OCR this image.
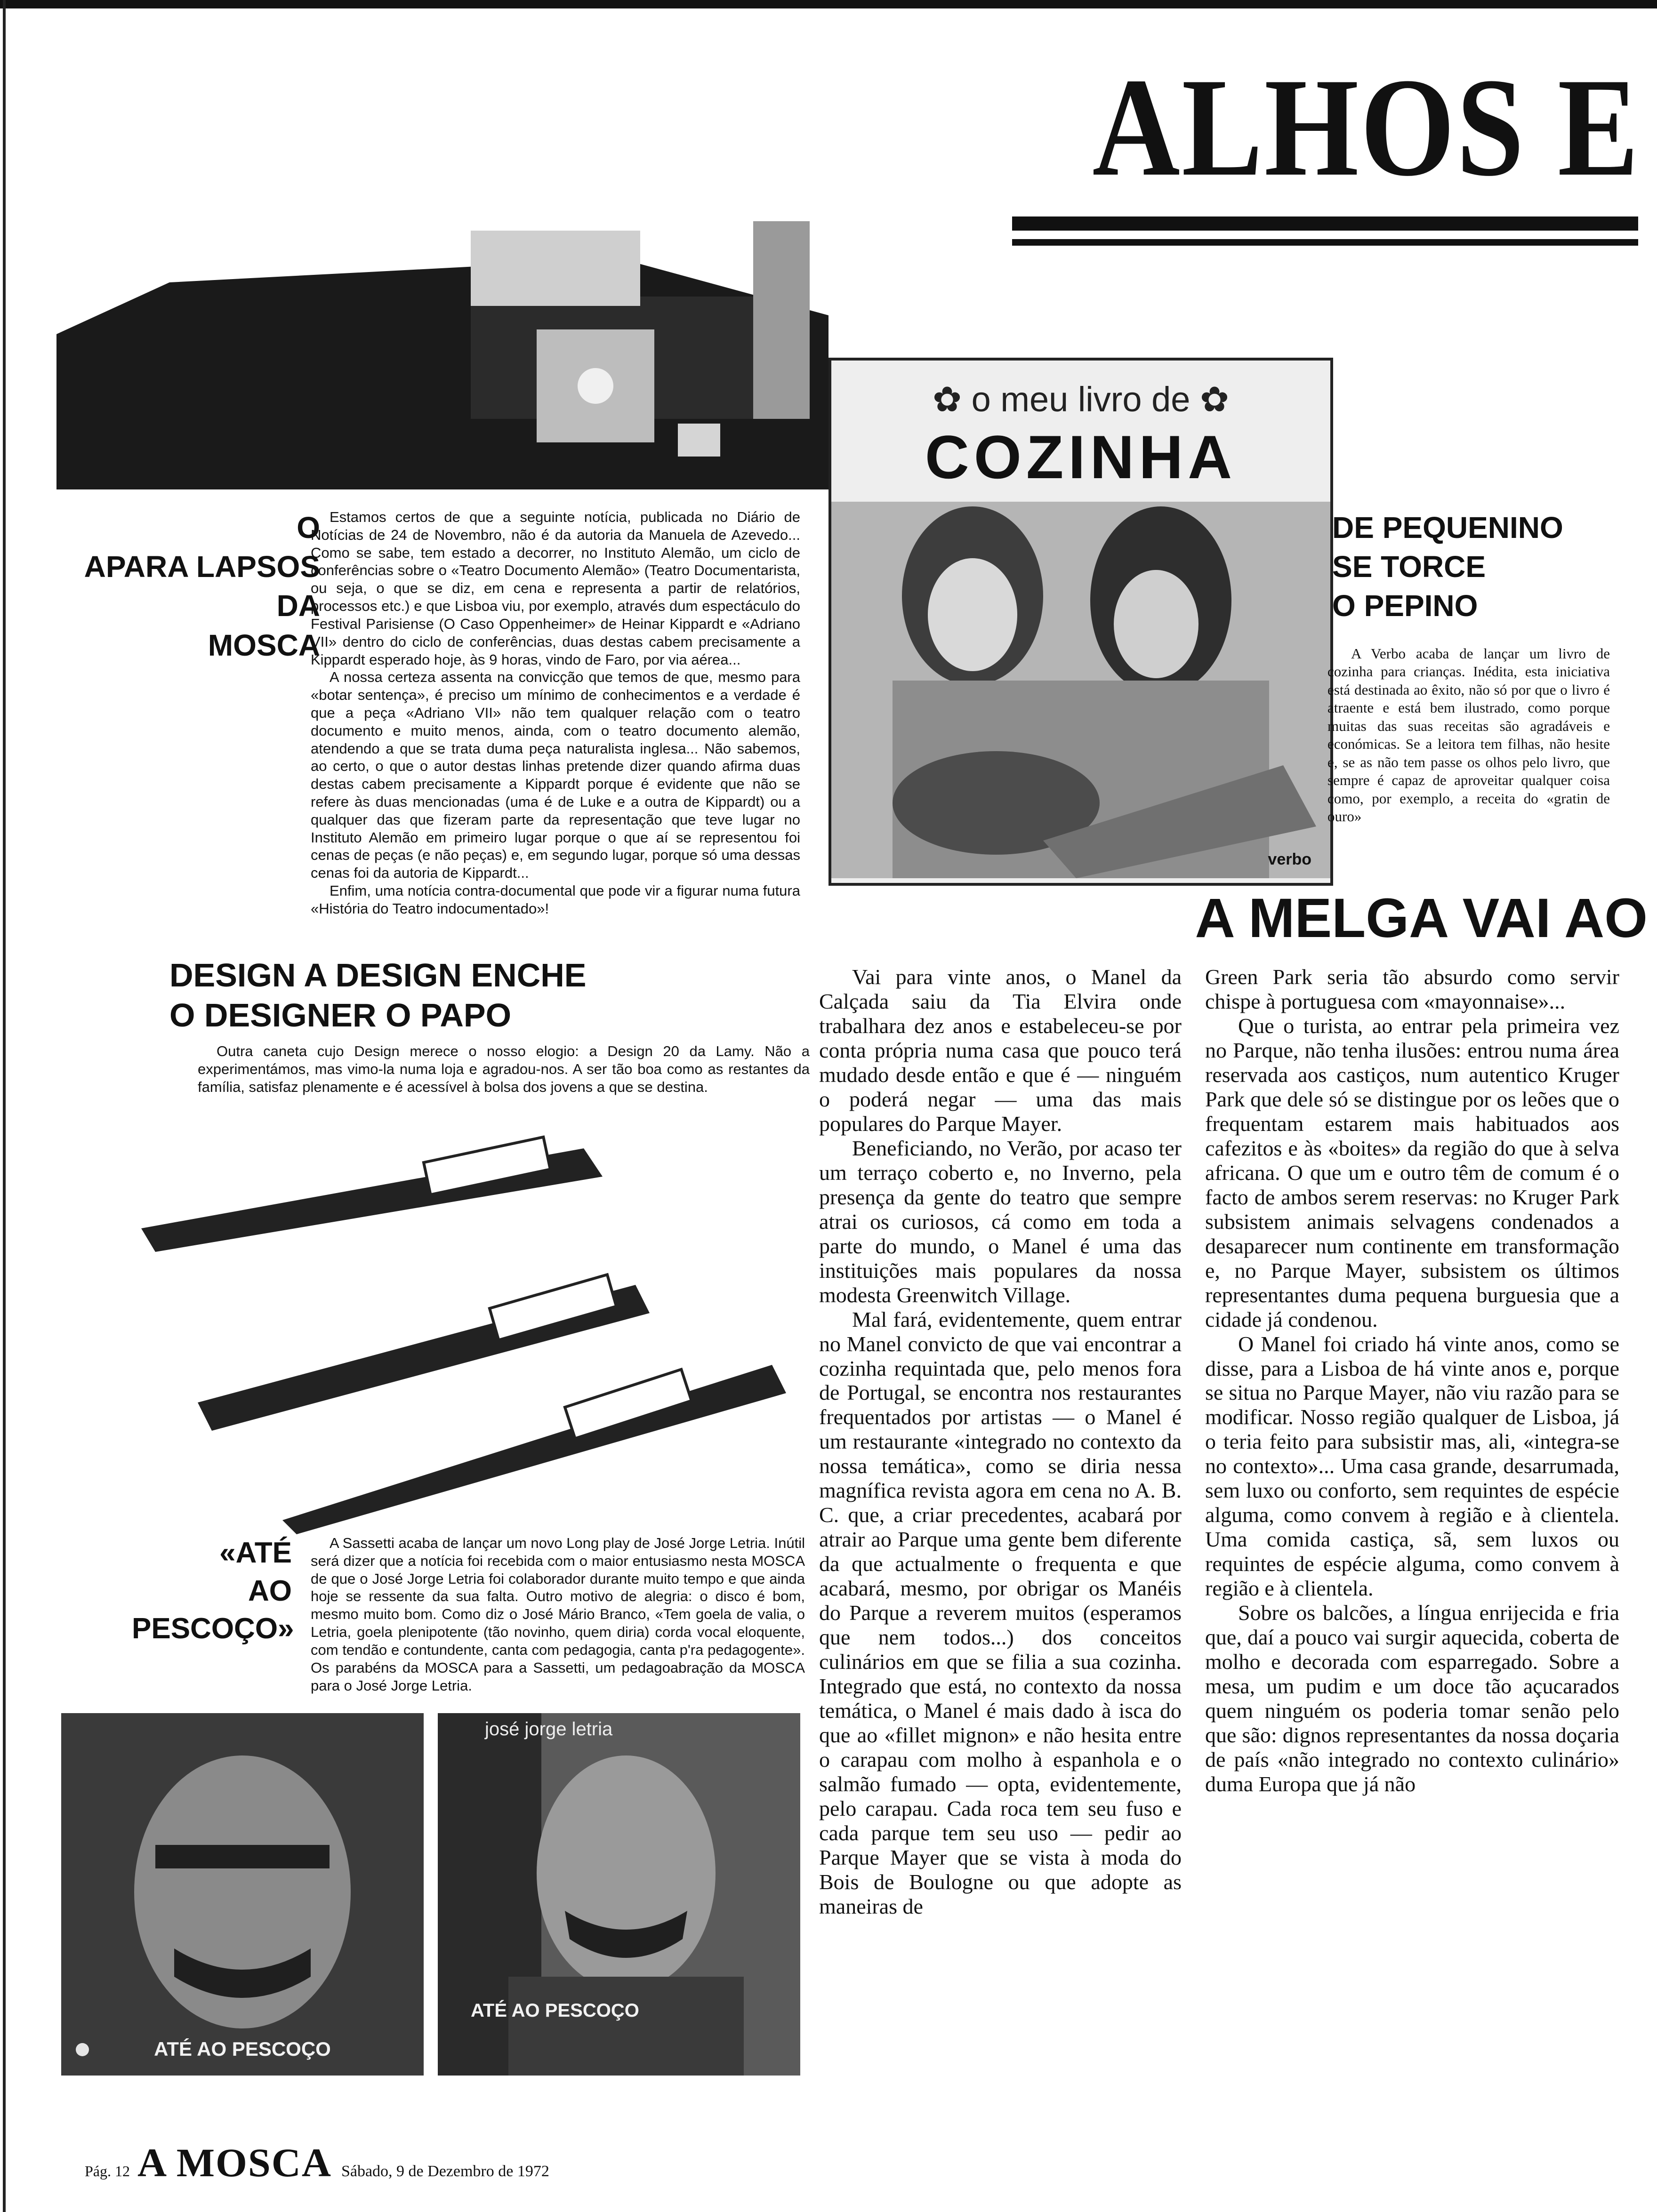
ALHOS E
O
APARA LAPSOS
DA
MOSCA

Estamos certos de que a seguinte notícia, publicada no Diário de Notícias de 24 de Novembro, não é da autoria da Manuela de Azevedo... Como se sabe, tem estado a decorrer, no Instituto Alemão, um ciclo de conferências sobre o «Teatro Documento Alemão» (Teatro Documentarista, ou seja, o que se diz, em cena e representa a partir de relatórios, processos etc.) e que Lisboa viu, por exemplo, através dum espectáculo do Festival Parisiense (O Caso Oppenheimer» de Heinar Kippardt e «Adriano VII» dentro do ciclo de conferências, duas destas cabem precisamente a Kippardt esperado hoje, às 9 horas, vindo de Faro, por via aérea...

A nossa certeza assenta na convicção que temos de que, mesmo para «botar sentença», é preciso um mínimo de conhecimentos e a verdade é que a peça «Adriano VII» não tem qualquer relação com o teatro documento e muito menos, ainda, com o teatro documento alemão, atendendo a que se trata duma peça naturalista inglesa... Não sabemos, ao certo, o que o autor destas linhas pretende dizer quando afirma duas destas cabem precisamente a Kippardt porque é evidente que não se refere às duas mencionadas (uma é de Luke e a outra de Kippardt) ou a qualquer das que fizeram parte da representação que teve lugar no Instituto Alemão em primeiro lugar porque o que aí se representou foi cenas de peças (e não peças) e, em segundo lugar, porque só uma dessas cenas foi da autoria de Kippardt...

Enfim, uma notícia contra-documental que pode vir a figurar numa futura «História do Teatro indocumentado»!

DESIGN A DESIGN ENCHE
O DESIGNER O PAPO

Outra caneta cujo Design merece o nosso elogio: a Design 20 da Lamy. Não a experimentámos, mas vimo-la numa loja e agradou-nos. A ser tão boa como as restantes da família, satisfaz plenamente e é acessível à bolsa dos jovens a que se destina.

«ATÉ
AO
PESCOÇO»

A Sassetti acaba de lançar um novo Long play de José Jorge Letria. Inútil será dizer que a notícia foi recebida com o maior entusiasmo nesta MOSCA de que o José Jorge Letria foi colaborador durante muito tempo e que ainda hoje se ressente da sua falta. Outro motivo de alegria: o disco é bom, mesmo muito bom. Como diz o José Mário Branco, «Tem goela de valia, o Letria, goela plenipotente (tão novinho, quem diria) corda vocal eloquente, com tendão e contundente, canta com pedagogia, canta p'ra pedagogente». Os parabéns da MOSCA para a Sassetti, um pedagoabração da MOSCA para o José Jorge Letria.

ATÉ AO PESCOÇO
josé jorge letria
ATÉ AO PESCOÇO
✿ o meu livro de ✿
COZINHA
verbo
DE PEQUENINO
SE TORCE
O PEPINO

A Verbo acaba de lançar um livro de cozinha para crianças. Inédita, esta iniciativa está destinada ao êxito, não só por que o livro é atraente e está bem ilustrado, como porque muitas das suas receitas são agradáveis e económicas. Se a leitora tem filhas, não hesite e, se as não tem passe os olhos pelo livro, que sempre é capaz de aproveitar qualquer coisa como, por exemplo, a receita do «gratin de ouro»

A MELGA VAI AO

Vai para vinte anos, o Manel da Calçada saiu da Tia Elvira onde trabalhara dez anos e estabeleceu-se por conta própria numa casa que pouco terá mudado desde então e que é — ninguém o poderá negar — uma das mais populares do Parque Mayer.

Beneficiando, no Verão, por acaso ter um terraço coberto e, no Inverno, pela presença da gente do teatro que sempre atrai os curiosos, cá como em toda a parte do mundo, o Manel é uma das instituições mais populares da nossa modesta Greenwitch Village.

Mal fará, evidentemente, quem entrar no Manel convicto de que vai encontrar a cozinha requintada que, pelo menos fora de Portugal, se encontra nos restaurantes frequentados por artistas — o Manel é um restaurante «integrado no contexto da nossa temática», como se diria nessa magnífica revista agora em cena no A. B. C. que, a criar precedentes, acabará por atrair ao Parque uma gente bem diferente da que actualmente o frequenta e que acabará, mesmo, por obrigar os Manéis do Parque a reverem muitos (esperamos que nem todos...) dos conceitos culinários em que se filia a sua cozinha. Integrado que está, no contexto da nossa temática, o Manel é mais dado à isca do que ao «fillet mignon» e não hesita entre o carapau com molho à espanhola e o salmão fumado — opta, evidentemente, pelo carapau. Cada roca tem seu fuso e cada parque tem seu uso — pedir ao Parque Mayer que se vista à moda do Bois de Boulogne ou que adopte as maneiras de

Green Park seria tão absurdo como servir chispe à portuguesa com «mayonnaise»...

Que o turista, ao entrar pela primeira vez no Parque, não tenha ilusões: entrou numa área reservada aos castiços, num autentico Kruger Park que dele só se distingue por os leões que o frequentam estarem mais habituados aos cafezitos e às «boites» da região do que à selva africana. O que um e outro têm de comum é o facto de ambos serem reservas: no Kruger Park subsistem animais selvagens condenados a desaparecer num continente em transformação e, no Parque Mayer, subsistem os últimos representantes duma pequena burguesia que a cidade já condenou.

O Manel foi criado há vinte anos, como se disse, para a Lisboa de há vinte anos e, porque se situa no Parque Mayer, não viu razão para se modificar. Nosso região qualquer de Lisboa, já o teria feito para subsistir mas, ali, «integra-se no contexto»... Uma casa grande, desarrumada, sem luxo ou conforto, sem requintes de espécie alguma, como convem à região e à clientela. Uma comida castiça, sã, sem luxos ou requintes de espécie alguma, como convem à região e à clientela.

Sobre os balcões, a língua enrijecida e fria que, daí a pouco vai surgir aquecida, coberta de molho e decorada com esparregado. Sobre a mesa, um pudim e um doce tão açucarados quem ninguém os poderia tomar senão pelo que são: dignos representantes da nossa doçaria de país «não integrado no contexto culinário» duma Europa que já não

Pág. 12 A MOSCA Sábado, 9 de Dezembro de 1972
